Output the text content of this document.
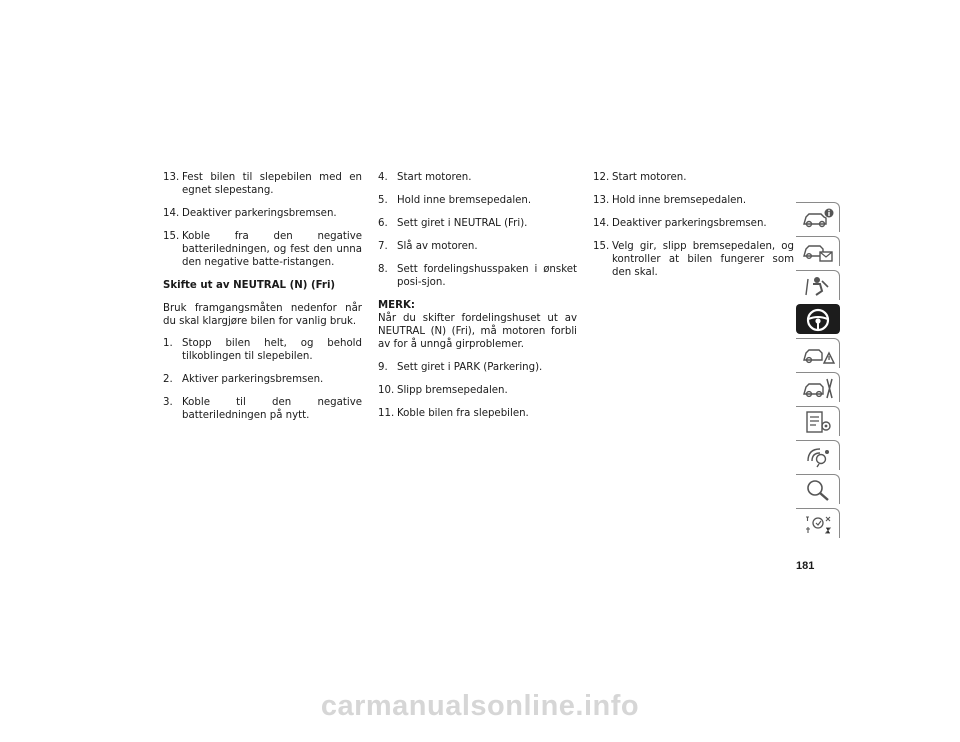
13. Fest bilen til slepebilen med en egnet slepestang.
14. Deaktiver parkeringsbremsen.
15. Koble fra den negative batteriledningen, og fest den unna den negative batte-ristangen.
Skifte ut av NEUTRAL (N) (Fri)
Bruk framgangsmåten nedenfor når du skal klargjøre bilen for vanlig bruk.
1. Stopp bilen helt, og behold tilkoblingen til slepebilen.
2. Aktiver parkeringsbremsen.
3. Koble til den negative batteriledningen på nytt.
4. Start motoren.
5. Hold inne bremsepedalen.
6. Sett giret i NEUTRAL (Fri).
7. Slå av motoren.
8. Sett fordelingshusspaken i ønsket posi-sjon.
MERK:
Når du skifter fordelingshuset ut av NEUTRAL (N) (Fri), må motoren forbli av for å unngå girproblemer.
9. Sett giret i PARK (Parkering).
10. Slipp bremsepedalen.
11. Koble bilen fra slepebilen.
12. Start motoren.
13. Hold inne bremsepedalen.
14. Deaktiver parkeringsbremsen.
15. Velg gir, slipp bremsepedalen, og kontroller at bilen fungerer som den skal.
181
carmanualsonline.info
